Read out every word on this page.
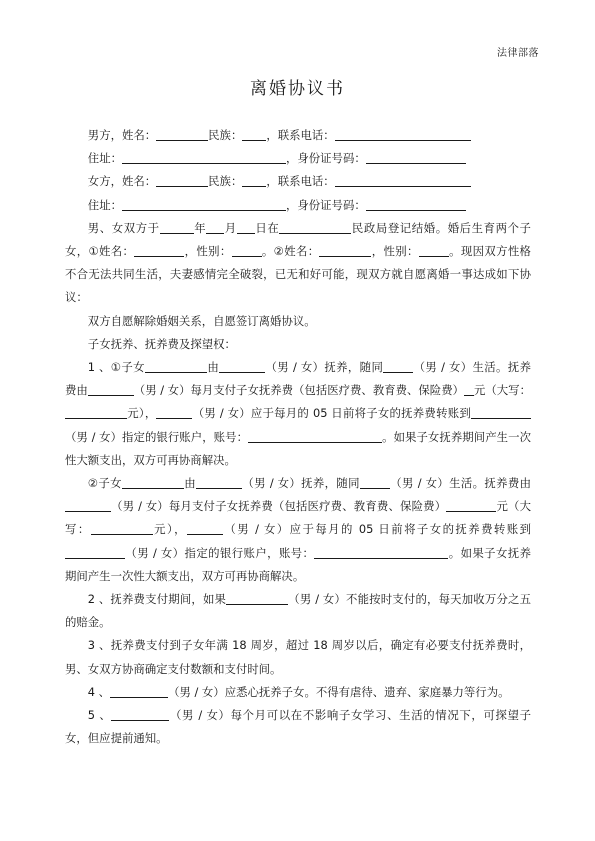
法律部落
离婚协议书

男方，姓名：	民族： ，联系电话：

住址：	，身份证号码：

女方，姓名：	民族： ，联系电话：

住址：	，身份证号码：

男、女双方于	年 月 日在	民政局登记结婚。婚后生育两个子女，①姓名：	，性别：	。②姓名：	，性别：	。现因双方性格不合无法共同生活，夫妻感情完全破裂，已无和好可能，现双方就自愿离婚一事达成如下协议：

双方自愿解除婚姻关系，自愿签订离婚协议。

子女抚养、抚养费及探望权：

1 、①子女	由	（男 / 女）抚养，随同	（男 / 女）生活。抚养费由	（男 / 女）每月支付子女抚养费（包括医疗费、教育费、保险费） 元（大写：元），	（男 / 女）应于每月的 05 日前将子女的抚养费转账到（男 / 女）指定的银行账户，账号：	。如果子女抚养期间产生一次性大额支出，双方可再协商解决。

②子女	由	（男 / 女）抚养，随同	（男 / 女）生活。抚养费由（男 / 女）每月支付子女抚养费（包括医疗费、教育费、保险费）	元（大写：	元），	（男 / 女）应于每月的 05 日前将子女的抚养费转账到（男 / 女）指定的银行账户，账号：	。如果子女抚养期间产生一次性大额支出，双方可再协商解决。

2 、抚养费支付期间，如果	（男 / 女）不能按时支付的，每天加收万分之五的赔金。

3 、抚养费支付到子女年满 18 周岁，超过 18 周岁以后，确定有必要支付抚养费时，男、女双方协商确定支付数额和支付时间。

4 、	（男 / 女）应悉心抚养子女。不得有虐待、遗弃、家庭暴力等行为。

5 、	（男 / 女）每个月可以在不影响子女学习、生活的情况下，可探望子女，但应提前通知。
